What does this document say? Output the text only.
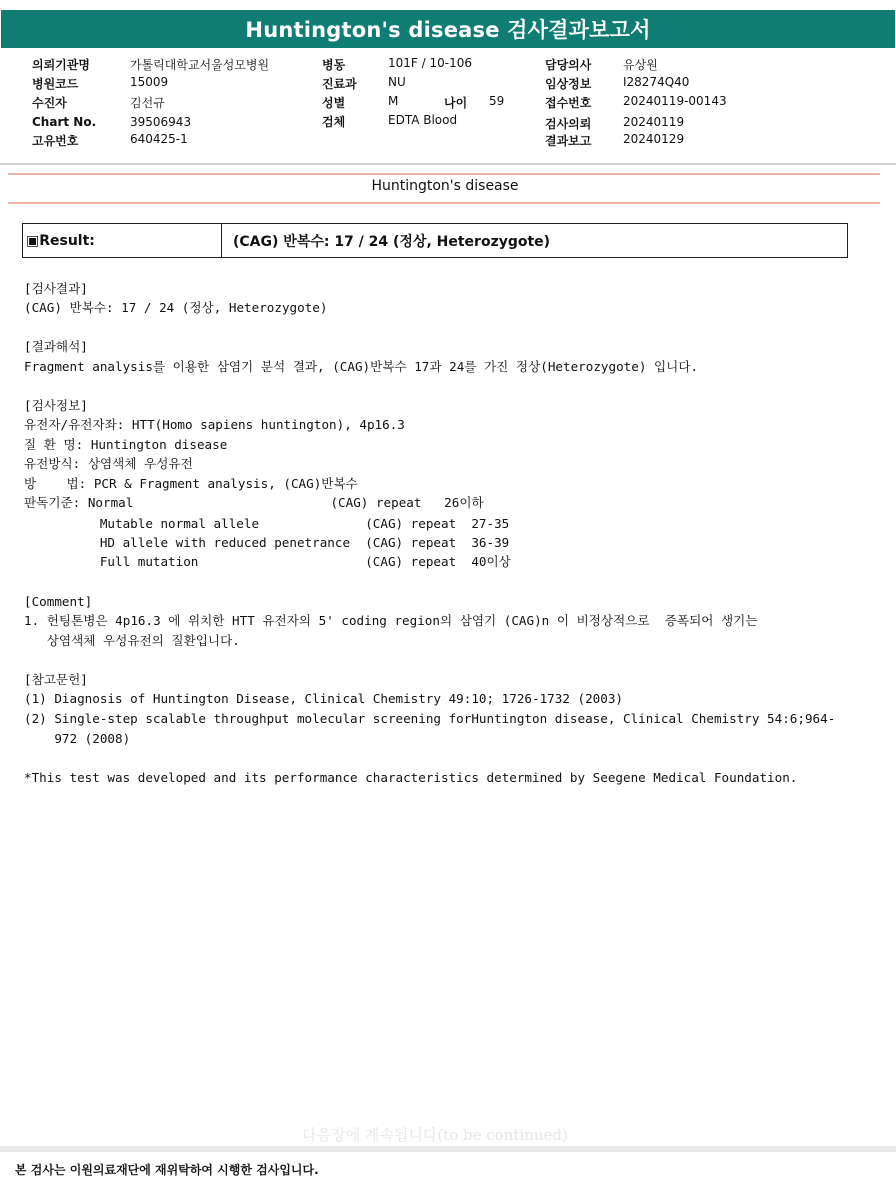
Huntington's disease 검사결과보고서
의뢰기관명	가톨릭대학교서울성모병원
병원코드	15009
수진자	김선규
Chart No.	39506943
고유번호	640425-1
병동	101F / 10-106
진료과	NU
성별	M	나이 59
검체	EDTA Blood
담당의사	유상원
임상정보	I28274Q40
접수번호	20240119-00143
검사의뢰	20240119
결과보고	20240129
Huntington's disease
▣Result:	(CAG) 반복수: 17 / 24 (정상, Heterozygote)
[검사결과]
(CAG) 반복수: 17 / 24 (정상, Heterozygote)
[결과해석]
Fragment analysis를 이용한 삼염기 분석 결과, (CAG)반복수 17과 24를 가진 정상(Heterozygote) 입니다.
[검사정보]
유전자/유전자좌: HTT(Homo sapiens huntington), 4p16.3
질 환 명: Huntington disease
유전방식: 상염색체 우성유전
방    법: PCR & Fragment analysis, (CAG)반복수
판독기준: Normal                          (CAG) repeat   26이하
Mutable normal allele              (CAG) repeat  27-35
HD allele with reduced penetrance  (CAG) repeat  36-39
Full mutation                      (CAG) repeat  40이상
[Comment]
1. 헌팅톤병은 4p16.3 에 위치한 HTT 유전자의 5' coding region의 삼염기 (CAG)n 이 비정상적으로  증폭되어 생기는
상염색체 우성유전의 질환입니다.
[참고문헌]
(1) Diagnosis of Huntington Disease, Clinical Chemistry 49:10; 1726-1732 (2003)
(2) Single-step scalable throughput molecular screening forHuntington disease, Clinical Chemistry 54:6;964-
972 (2008)
*This test was developed and its performance characteristics determined by Seegene Medical Foundation.
다음장에 계속됩니다(to be continued)
본 검사는 이원의료재단에 재위탁하여 시행한 검사입니다.
